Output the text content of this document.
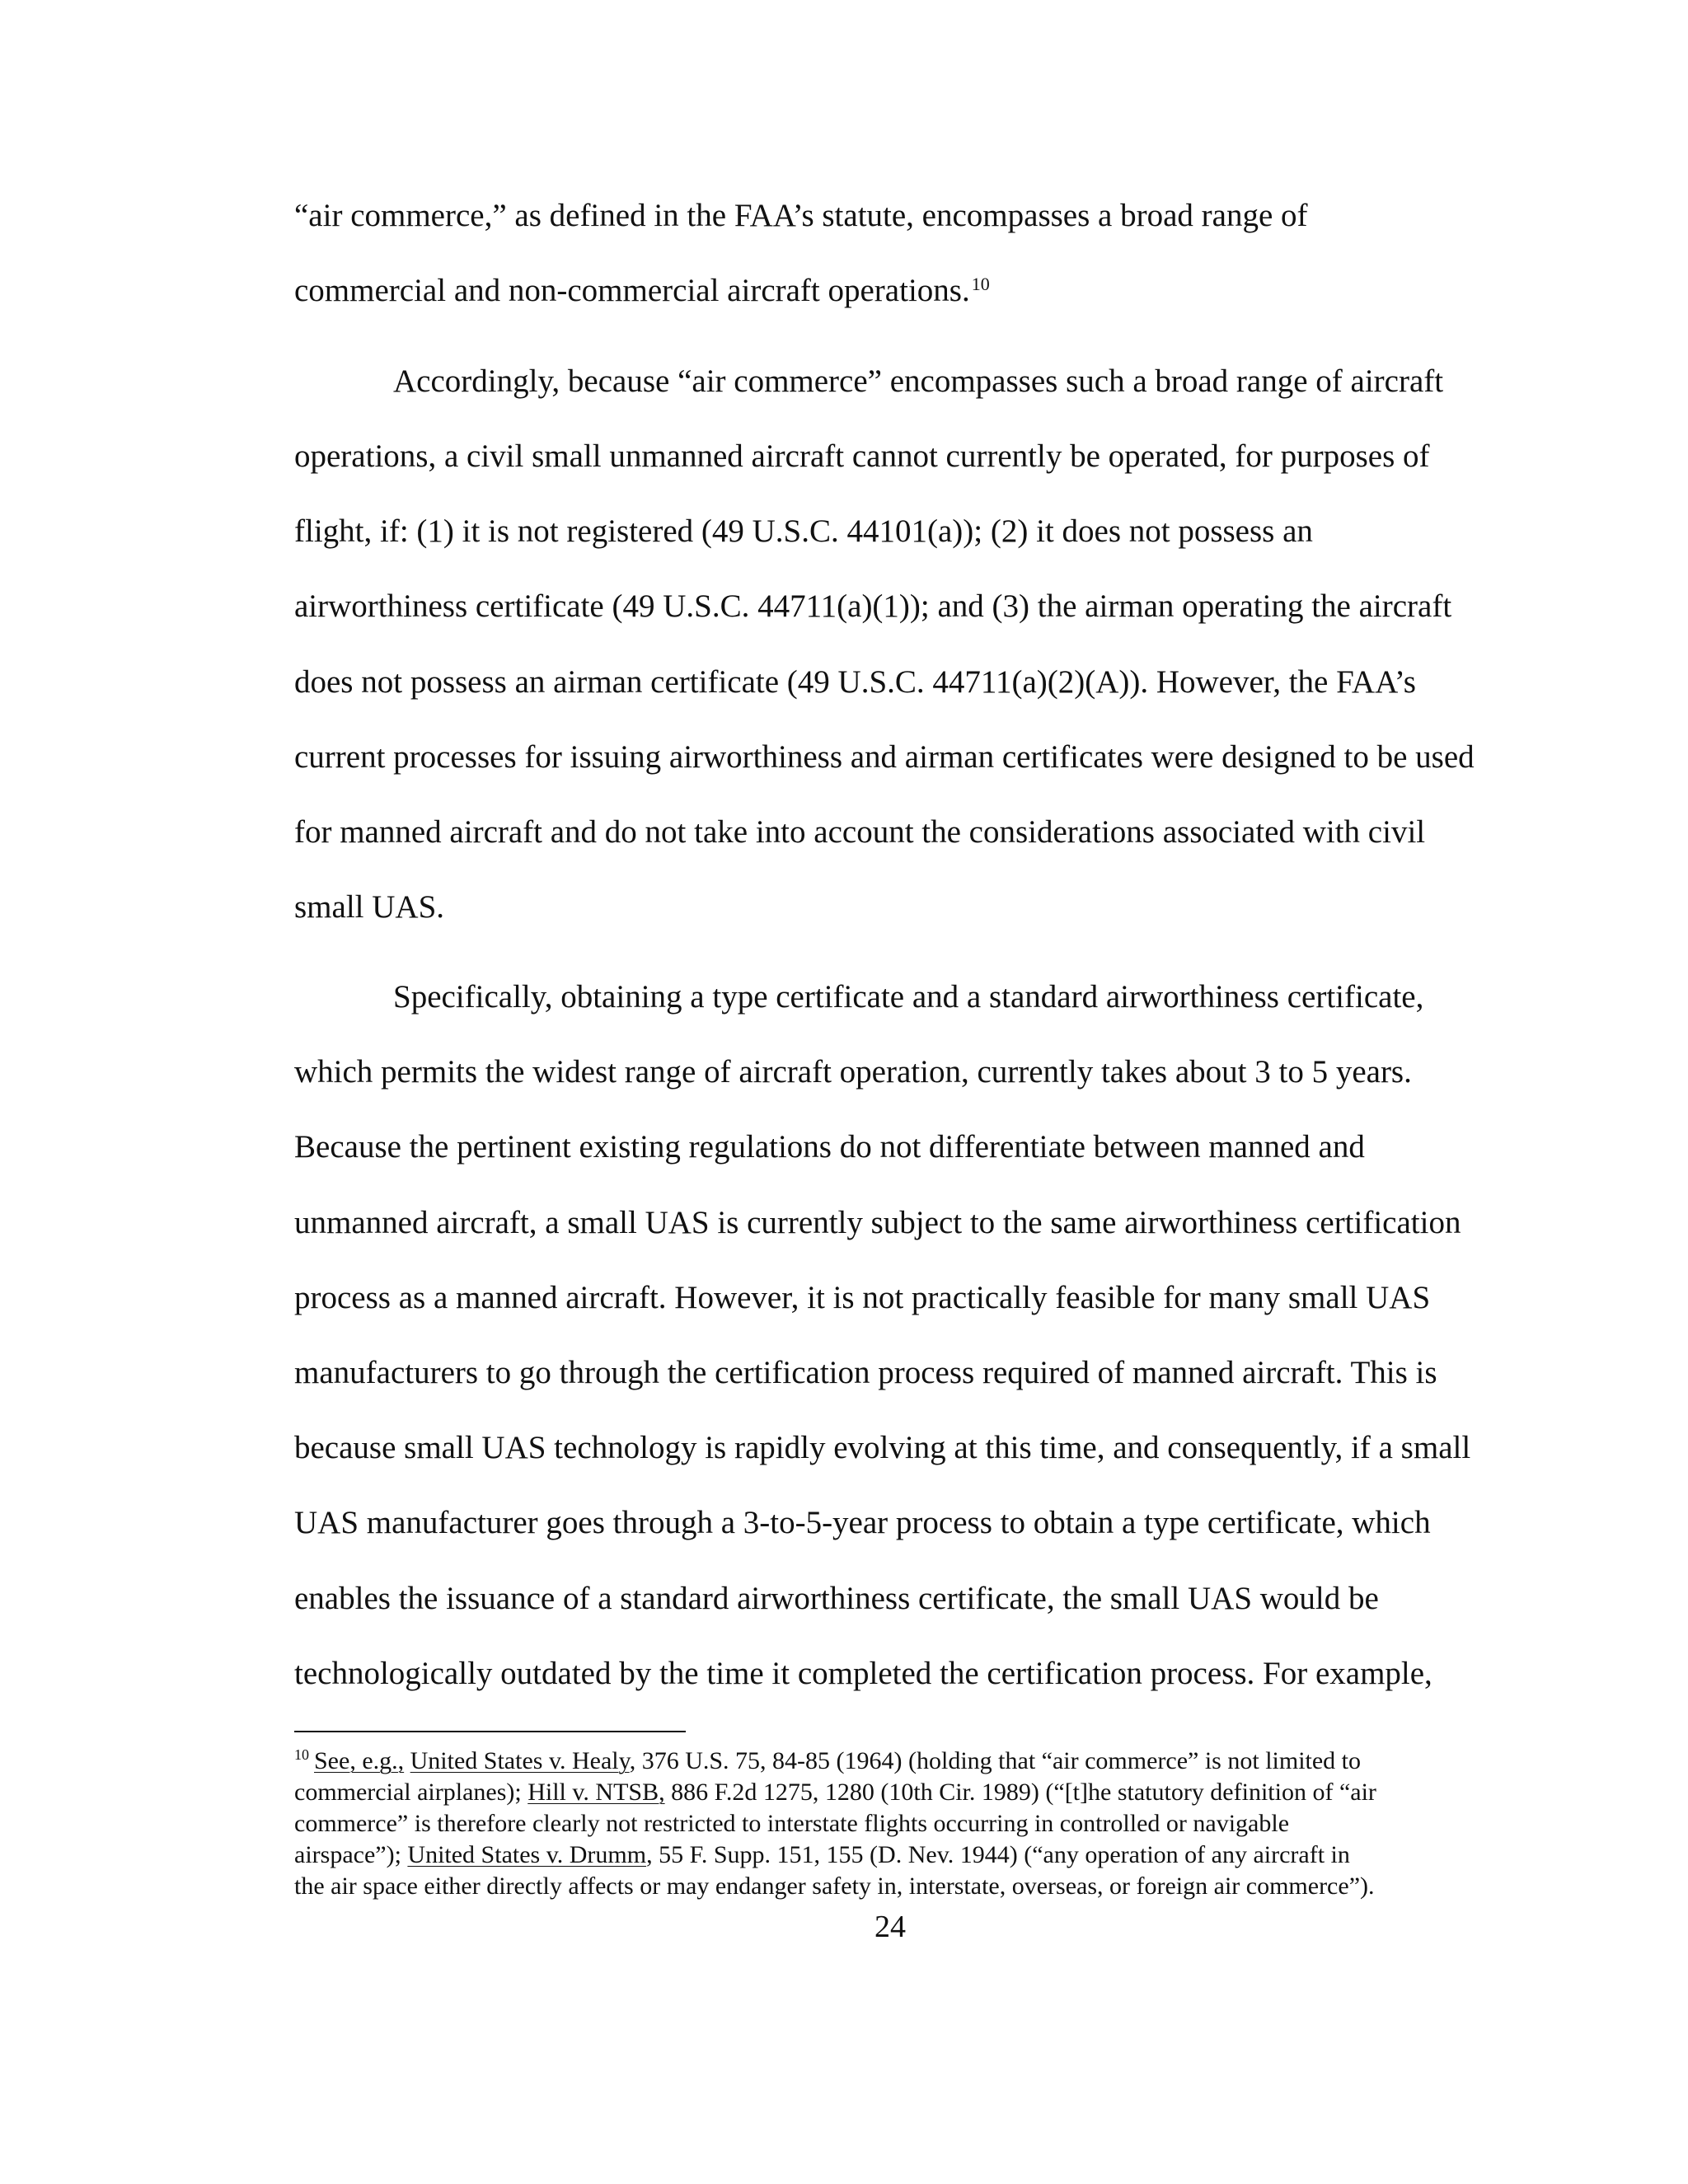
“air commerce,” as defined in the FAA’s statute, encompasses a broad range of
commercial and non-commercial aircraft operations.$^{10}$
Accordingly, because “air commerce” encompasses such a broad range of aircraft
operations, a civil small unmanned aircraft cannot currently be operated, for purposes of
flight, if: (1) it is not registered (49 U.S.C. 44101(a)); (2) it does not possess an
airworthiness certificate (49 U.S.C. 44711(a)(1)); and (3) the airman operating the aircraft
does not possess an airman certificate (49 U.S.C. 44711(a)(2)(A)). However, the FAA’s
current processes for issuing airworthiness and airman certificates were designed to be used
for manned aircraft and do not take into account the considerations associated with civil
small UAS.
Specifically, obtaining a type certificate and a standard airworthiness certificate,
which permits the widest range of aircraft operation, currently takes about 3 to 5 years.
Because the pertinent existing regulations do not differentiate between manned and
unmanned aircraft, a small UAS is currently subject to the same airworthiness certification
process as a manned aircraft. However, it is not practically feasible for many small UAS
manufacturers to go through the certification process required of manned aircraft. This is
because small UAS technology is rapidly evolving at this time, and consequently, if a small
UAS manufacturer goes through a 3-to-5-year process to obtain a type certificate, which
enables the issuance of a standard airworthiness certificate, the small UAS would be
technologically outdated by the time it completed the certification process. For example,
$^{10}$ See, e.g., United States v. Healy, 376 U.S. 75, 84-85 (1964) (holding that “air commerce” is not limited to
commercial airplanes); Hill v. NTSB, 886 F.2d 1275, 1280 (10th Cir. 1989) (“[t]he statutory definition of “air
commerce” is therefore clearly not restricted to interstate flights occurring in controlled or navigable
airspace”); United States v. Drumm, 55 F. Supp. 151, 155 (D. Nev. 1944) (“any operation of any aircraft in
the air space either directly affects or may endanger safety in, interstate, overseas, or foreign air commerce”).
24
